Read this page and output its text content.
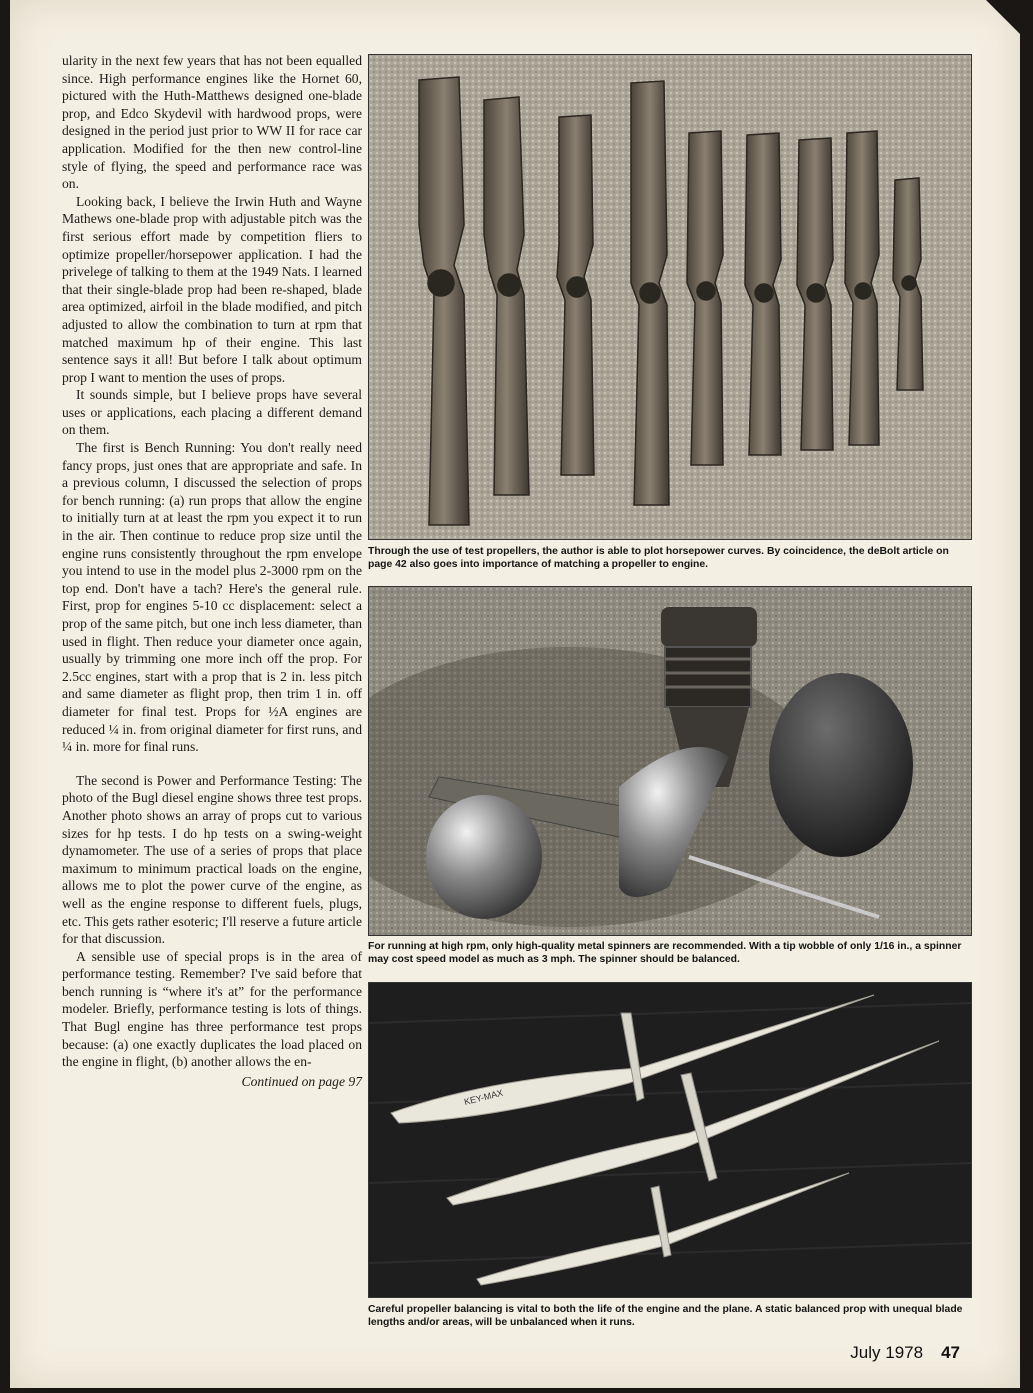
ularity in the next few years that has not been equalled since. High performance engines like the Hornet 60, pictured with the Huth-Matthews designed one-blade prop, and Edco Skydevil with hardwood props, were designed in the period just prior to WW II for race car application. Modified for the then new control-line style of flying, the speed and performance race was on.

Looking back, I believe the Irwin Huth and Wayne Mathews one-blade prop with adjustable pitch was the first serious effort made by competition fliers to optimize propeller/horsepower application. I had the privelege of talking to them at the 1949 Nats. I learned that their single-blade prop had been re-shaped, blade area optimized, airfoil in the blade modified, and pitch adjusted to allow the combination to turn at rpm that matched maximum hp of their engine. This last sentence says it all! But before I talk about optimum prop I want to mention the uses of props.

It sounds simple, but I believe props have several uses or applications, each placing a different demand on them.

The first is Bench Running: You don't really need fancy props, just ones that are appropriate and safe. In a previous column, I discussed the selection of props for bench running: (a) run props that allow the engine to initially turn at at least the rpm you expect it to run in the air. Then continue to reduce prop size until the engine runs consistently throughout the rpm envelope you intend to use in the model plus 2-3000 rpm on the top end. Don't have a tach? Here's the general rule. First, prop for engines 5-10 cc displacement: select a prop of the same pitch, but one inch less diameter, than used in flight. Then reduce your diameter once again, usually by trimming one more inch off the prop. For 2.5cc engines, start with a prop that is 2 in. less pitch and same diameter as flight prop, then trim 1 in. off diameter for final test. Props for ½A engines are reduced ¼ in. from original diameter for first runs, and ¼ in. more for final runs.

The second is Power and Performance Testing: The photo of the Bugl diesel engine shows three test props. Another photo shows an array of props cut to various sizes for hp tests. I do hp tests on a swing-weight dynamometer. The use of a series of props that place maximum to minimum practical loads on the engine, allows me to plot the power curve of the engine, as well as the engine response to different fuels, plugs, etc. This gets rather esoteric; I'll reserve a future article for that discussion.

A sensible use of special props is in the area of performance testing. Remember? I've said before that bench running is “where it's at” for the performance modeler. Briefly, performance testing is lots of things. That Bugl engine has three performance test props because: (a) one exactly duplicates the load placed on the engine in flight, (b) another allows the en-

Continued on page 97

Through the use of test propellers, the author is able to plot horsepower curves. By coincidence, the deBolt article on page 42 also goes into importance of matching a propeller to engine.
For running at high rpm, only high-quality metal spinners are recommended. With a tip wobble of only 1/16 in., a spinner may cost speed model as much as 3 mph. The spinner should be balanced.
KEY-MAX
Careful propeller balancing is vital to both the life of the engine and the plane. A static balanced prop with unequal blade lengths and/or areas, will be unbalanced when it runs.
July 1978 47
